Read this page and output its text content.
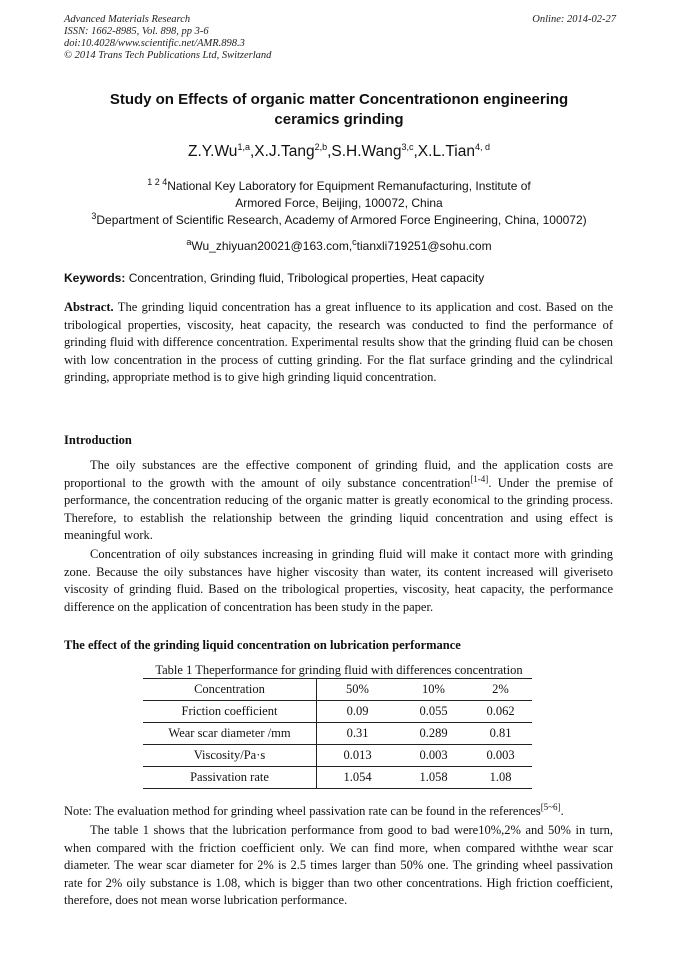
Advanced Materials Research
ISSN: 1662-8985, Vol. 898, pp 3-6
doi:10.4028/www.scientific.net/AMR.898.3
© 2014 Trans Tech Publications Ltd, Switzerland
Online: 2014-02-27
Study on Effects of organic matter Concentrationon engineering
ceramics grinding
Z.Y.Wu$^{1,a}$,X.J.Tang$^{2,b}$,S.H.Wang$^{3,c}$,X.L.Tian$^{4, d}$
$^{1 2 4}$National Key Laboratory for Equipment Remanufacturing, Institute of
Armored Force, Beijing, 100072, China
$^3$Department of Scientific Research, Academy of Armored Force Engineering, China, 100072)
$^a$Wu_zhiyuan20021@163.com,$^c$tianxli719251@sohu.com
Keywords: Concentration, Grinding fluid, Tribological properties, Heat capacity
Abstract. The grinding liquid concentration has a great influence to its application and cost. Based on the tribological properties, viscosity, heat capacity, the research was conducted to find the performance of grinding fluid with difference concentration. Experimental results show that the grinding fluid can be chosen with low concentration in the process of cutting grinding. For the flat surface grinding and the cylindrical grinding, appropriate method is to give high grinding liquid concentration.
Introduction
The oily substances are the effective component of grinding fluid, and the application costs are proportional to the growth with the amount of oily substance concentration[1-4]. Under the premise of performance, the concentration reducing of the organic matter is greatly economical to the grinding process. Therefore, to establish the relationship between the grinding liquid concentration and using effect is meaningful work.
Concentration of oily substances increasing in grinding fluid will make it contact more with grinding zone. Because the oily substances have higher viscosity than water, its content increased will giveriseto viscosity of grinding fluid. Based on the tribological properties, viscosity, heat capacity, the performance difference on the application of concentration has been study in the paper.
The effect of the grinding liquid concentration on lubrication performance
Table 1 Theperformance for grinding fluid with differences concentration
Concentration	50%	10%	2%
Friction coefficient	0.09	0.055	0.062
Wear scar diameter /mm	0.31	0.289	0.81
Viscosity/Pa·s	0.013	0.003	0.003
Passivation rate	1.054	1.058	1.08
Note: The evaluation method for grinding wheel passivation rate can be found in the references[5~6].
The table 1 shows that the lubrication performance from good to bad were10%,2% and 50% in turn, when compared with the friction coefficient only. We can find more, when compared withthe wear scar diameter. The wear scar diameter for 2% is 2.5 times larger than 50% one. The grinding wheel passivation rate for 2% oily substance is 1.08, which is bigger than two other concentrations. High friction coefficient, therefore, does not mean worse lubrication performance.
